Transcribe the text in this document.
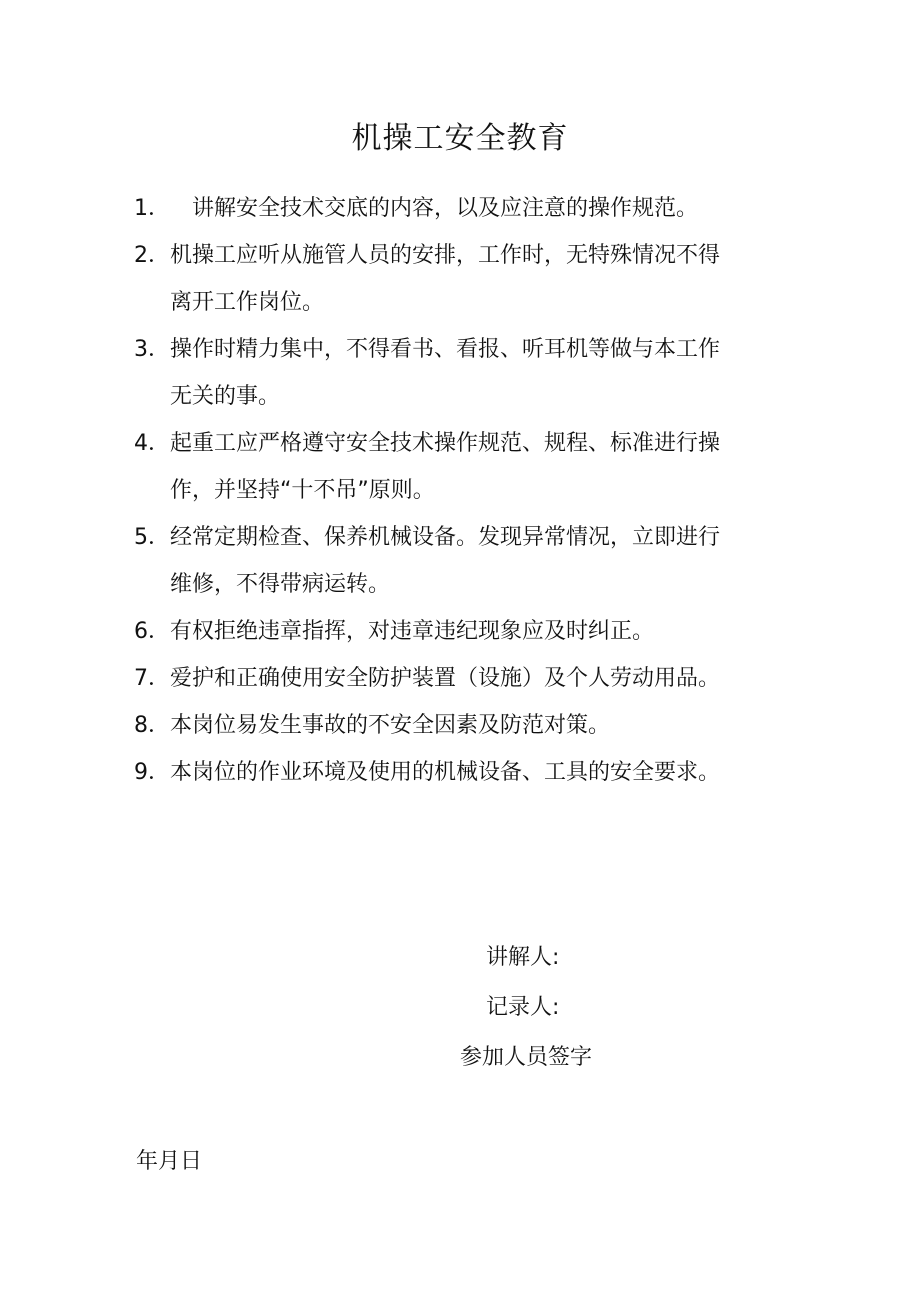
机操工安全教育
1．	讲解安全技术交底的内容，以及应注意的操作规范。
2． 机操工应听从施管人员的安排，工作时，无特殊情况不得
离开工作岗位。
3． 操作时精力集中，不得看书、看报、听耳机等做与本工作
无关的事。
4． 起重工应严格遵守安全技术操作规范、规程、标准进行操
作，并坚持“十不吊”原则。
5． 经常定期检查、保养机械设备。发现异常情况，立即进行
维修，不得带病运转。
6． 有权拒绝违章指挥，对违章违纪现象应及时纠正。
7． 爱护和正确使用安全防护装置（设施）及个人劳动用品。
8． 本岗位易发生事故的不安全因素及防范对策。
9． 本岗位的作业环境及使用的机械设备、工具的安全要求。
讲解人:
记录人:
参加人员签字
年月日
